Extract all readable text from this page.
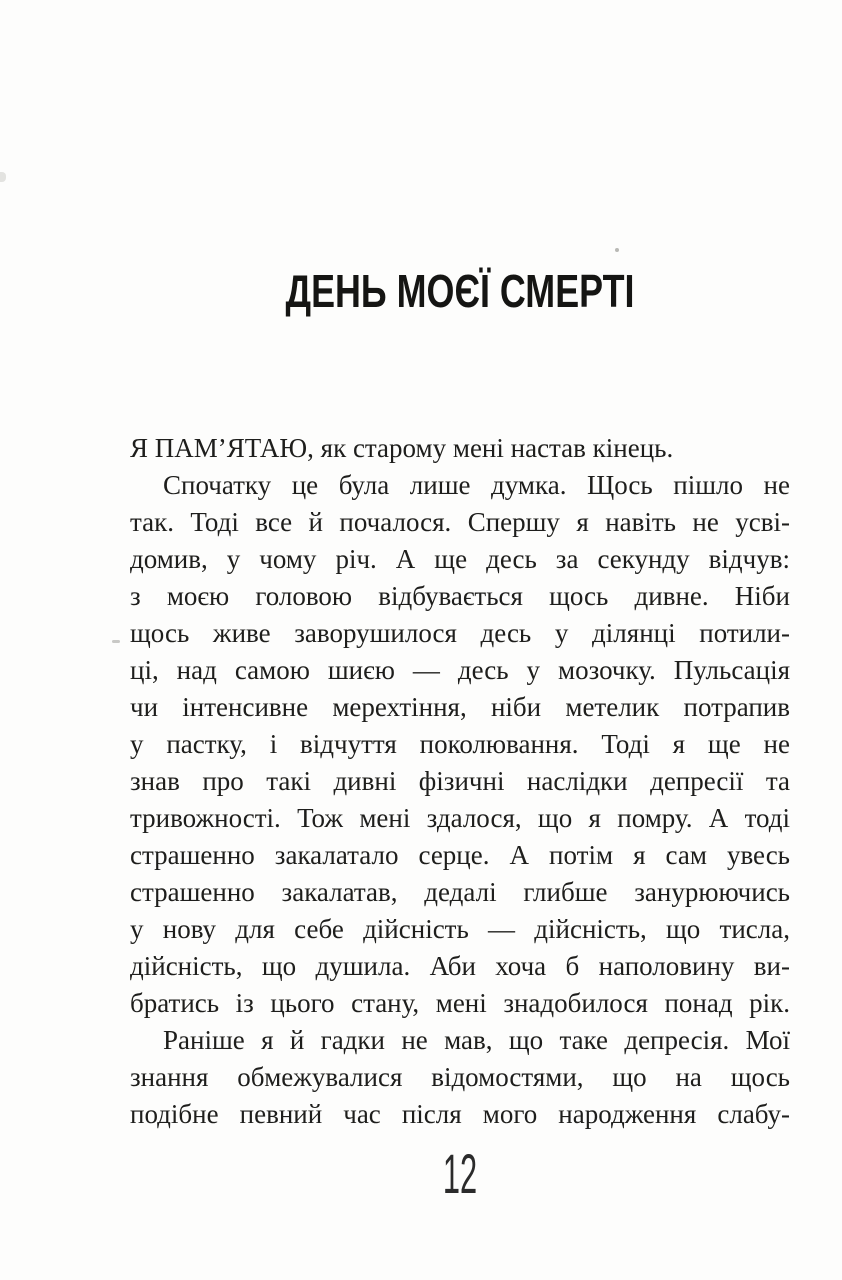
ДЕНЬ МОЄЇ СМЕРТІ
Я ПАМ’ЯТАЮ, як старому мені настав кінець.
Спочатку це була лише думка. Щось пішло не
так. Тоді все й почалося. Спершу я навіть не усві-
домив, у чому річ. А ще десь за секунду відчув:
з моєю головою відбувається щось дивне. Ніби
щось живе заворушилося десь у ділянці потили-
ці, над самою шиєю — десь у мозочку. Пульсація
чи інтенсивне мерехтіння, ніби метелик потрапив
у пастку, і відчуття поколювання. Тоді я ще не
знав про такі дивні фізичні наслідки депресії та
тривожності. Тож мені здалося, що я помру. А тоді
страшенно закалатало серце. А потім я сам увесь
страшенно закалатав, дедалі глибше занурюючись
у нову для себе дійсність — дійсність, що тисла,
дійсність, що душила. Аби хоча б наполовину ви-
братись із цього стану, мені знадобилося понад рік.
Раніше я й гадки не мав, що таке депресія. Мої
знання обмежувалися відомостями, що на щось
подібне певний час після мого народження слабу-
12
